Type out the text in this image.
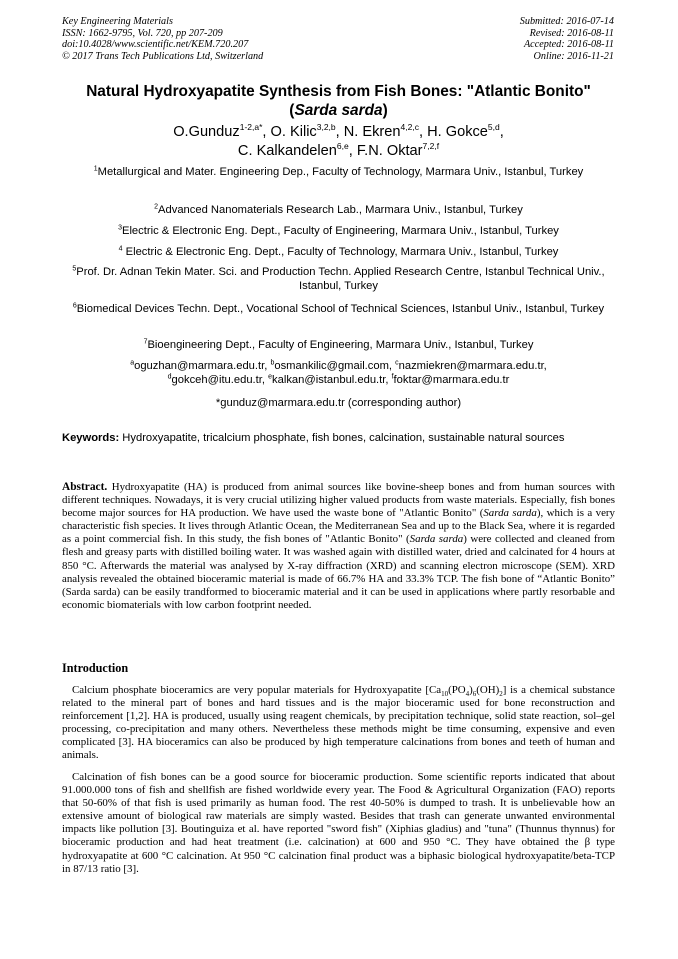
Key Engineering Materials
ISSN: 1662-9795, Vol. 720, pp 207-209
doi:10.4028/www.scientific.net/KEM.720.207
© 2017 Trans Tech Publications Ltd, Switzerland
Submitted: 2016-07-14
Revised: 2016-08-11
Accepted: 2016-08-11
Online: 2016-11-21
Natural Hydroxyapatite Synthesis from Fish Bones: "Atlantic Bonito"
(Sarda sarda)
O.Gunduz$^{1-2,a*}$, O. Kilic$^{3,2,b}$, N. Ekren$^{4,2,c}$, H. Gokce$^{5,d}$,
C. Kalkandelen$^{6,e}$, F.N. Oktar$^{7,2,f}$
$^1$Metallurgical and Mater. Engineering Dep., Faculty of Technology, Marmara Univ., Istanbul, Turkey
$^2$Advanced Nanomaterials Research Lab., Marmara Univ., Istanbul, Turkey
$^3$Electric & Electronic Eng. Dept., Faculty of Engineering, Marmara Univ., Istanbul, Turkey
$^4$ Electric & Electronic Eng. Dept., Faculty of Technology, Marmara Univ., Istanbul, Turkey
$^5$Prof. Dr. Adnan Tekin Mater. Sci. and Production Techn. Applied Research Centre, Istanbul Technical Univ., Istanbul, Turkey
$^6$Biomedical Devices Techn. Dept., Vocational School of Technical Sciences, Istanbul Univ., Istanbul, Turkey
$^7$Bioengineering Dept., Faculty of Engineering, Marmara Univ., Istanbul, Turkey
$^a$oguzhan@marmara.edu.tr, $^b$osmankilic@gmail.com, $^c$nazmiekren@marmara.edu.tr,
$^d$gokceh@itu.edu.tr, $^e$kalkan@istanbul.edu.tr, $^f$foktar@marmara.edu.tr
*gunduz@marmara.edu.tr (corresponding author)
Keywords: Hydroxyapatite, tricalcium phosphate, fish bones, calcination, sustainable natural sources
Abstract. Hydroxyapatite (HA) is produced from animal sources like bovine-sheep bones and from human sources with different techniques. Nowadays, it is very crucial utilizing higher valued products from waste materials. Especially, fish bones become major sources for HA production. We have used the waste bone of "Atlantic Bonito" (Sarda sarda), which is a very characteristic fish species. It lives through Atlantic Ocean, the Mediterranean Sea and up to the Black Sea, where it is regarded as a point commercial fish. In this study, the fish bones of "Atlantic Bonito" (Sarda sarda) were collected and cleaned from flesh and greasy parts with distilled boiling water. It was washed again with distilled water, dried and calcinated for 4 hours at 850 °C. Afterwards the material was analysed by X-ray diffraction (XRD) and scanning electron microscope (SEM). XRD analysis revealed the obtained bioceramic material is made of 66.7% HA and 33.3% TCP. The fish bone of “Atlantic Bonito” (Sarda sarda) can be easily trandformed to bioceramic material and it can be used in applications where partly resorbable and economic biomaterials with low carbon footprint needed.
Introduction
Calcium phosphate bioceramics are very popular materials for Hydroxyapatite $[Ca_{10}(PO_4)_6(OH)_2]$ is a chemical substance related to the mineral part of bones and hard tissues and is the major bioceramic used for bone reconstruction and reinforcement [1,2]. HA is produced, usually using reagent chemicals, by precipitation technique, solid state reaction, sol–gel processing, co-precipitation and many others. Nevertheless these methods might be time consuming, expensive and even complicated [3]. HA bioceramics can also be produced by high temperature calcinations from bones and teeth of human and animals.
Calcination of fish bones can be a good source for bioceramic production. Some scientific reports indicated that about 91.000.000 tons of fish and shellfish are fished worldwide every year. The Food & Agricultural Organization (FAO) reports that 50-60% of that fish is used primarily as human food. The rest 40-50% is dumped to trash. It is unbelievable how an extensive amount of biological raw materials are simply wasted. Besides that trash can generate unwanted environmental impacts like pollution [3]. Boutinguiza et al. have reported "sword fish" (Xiphias gladius) and "tuna" (Thunnus thynnus) for bioceramic production and had heat treatment (i.e. calcination) at 600 and 950 °C. They have obtained the β type hydroxyapatite at 600 °C calcination. At 950 °C calcination final product was a biphasic biological hydroxyapatite/beta-TCP in 87/13 ratio [3].
